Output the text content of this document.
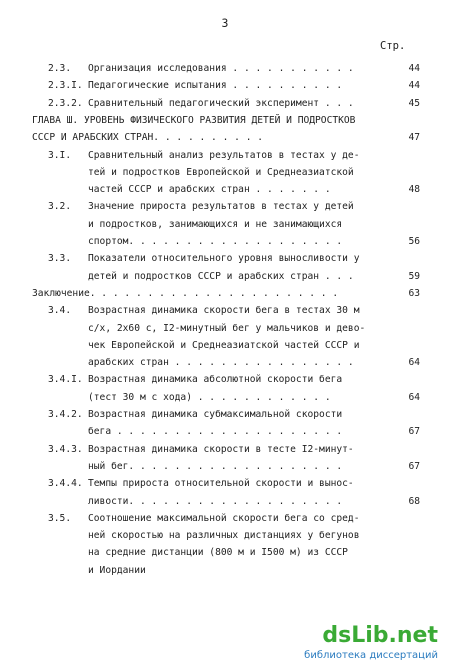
3
Стр.
2.3. Организация исследования . . . . . . . . . . .	44
2.3.I. Педагогические испытания . . . . . . . . . .	44
2.3.2. Сравнительный педагогический эксперимент . . .	45
ГЛАВА Ш. УРОВЕНЬ ФИЗИЧЕСКОГО РАЗВИТИЯ ДЕТЕЙ И ПОДРОСТКОВ
СССР И АРАБСКИХ СТРАН. . . . . . . . . .	47
3.I. Сравнительный анализ результатов в тестах у де-
тей и подростков Европейской и Среднеазиатской
частей СССР и арабских стран . . . . . . .	48
3.2. Значение прироста результатов в тестах у детей
и подростков, занимающихся и не занимающихся
спортом. . . . . . . . . . . . . . . . . . .	56
3.3. Показатели относительного уровня выносливости у
детей и подростков СССР и арабских стран . . .	59
Заключение. . . . . . . . . . . . . . . . . . . . . .	63
3.4. Возрастная динамика скорости бега в тестах 30 м
с/х, 2х60 с, I2-минутный бег у мальчиков и дево-
чек Европейской и Среднеазиатской частей СССР и
арабских стран . . . . . . . . . . . . . . . .	64
3.4.I. Возрастная динамика абсолютной скорости бега
(тест 30 м с хода) . . . . . . . . . . . .	64
3.4.2. Возрастная динамика субмаксимальной скорости
бега . . . . . . . . . . . . . . . . . . . .	67
3.4.3. Возрастная динамика скорости в тесте I2-минут-
ный бег. . . . . . . . . . . . . . . . . . .	67
3.4.4. Темпы прироста относительной скорости и вынос-
ливости. . . . . . . . . . . . . . . . . . .	68
3.5. Соотношение максимальной скорости бега со сред-
ней скоростью на различных дистанциях у бегунов
на средние дистанции (800 м и I500 м) из СССР
и Иордании
dsLib.net
библиотека диссертаций
